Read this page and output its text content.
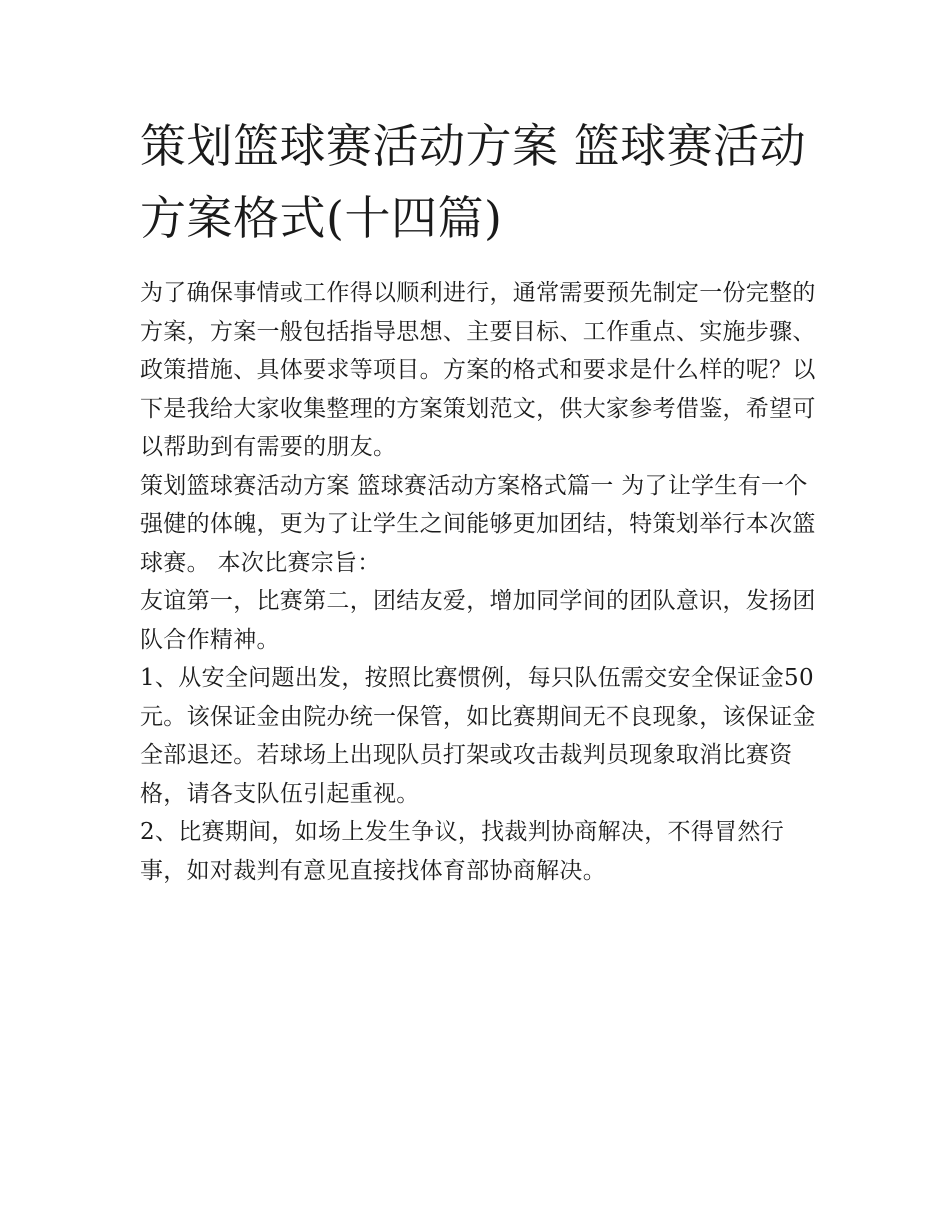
策划篮球赛活动方案 篮球赛活动方案格式(十四篇)

为了确保事情或工作得以顺利进行，通常需要预先制定一份完整的方案，方案一般包括指导思想、主要目标、工作重点、实施步骤、政策措施、具体要求等项目。方案的格式和要求是什么样的呢？以下是我给大家收集整理的方案策划范文，供大家参考借鉴，希望可以帮助到有需要的朋友。

策划篮球赛活动方案 篮球赛活动方案格式篇一 为了让学生有一个强健的体魄，更为了让学生之间能够更加团结，特策划举行本次篮球赛。 本次比赛宗旨：

友谊第一，比赛第二，团结友爱，增加同学间的团队意识，发扬团队合作精神。

1、从安全问题出发，按照比赛惯例，每只队伍需交安全保证金50元。该保证金由院办统一保管，如比赛期间无不良现象，该保证金全部退还。若球场上出现队员打架或攻击裁判员现象取消比赛资格，请各支队伍引起重视。

2、比赛期间，如场上发生争议，找裁判协商解决，不得冒然行事，如对裁判有意见直接找体育部协商解决。
